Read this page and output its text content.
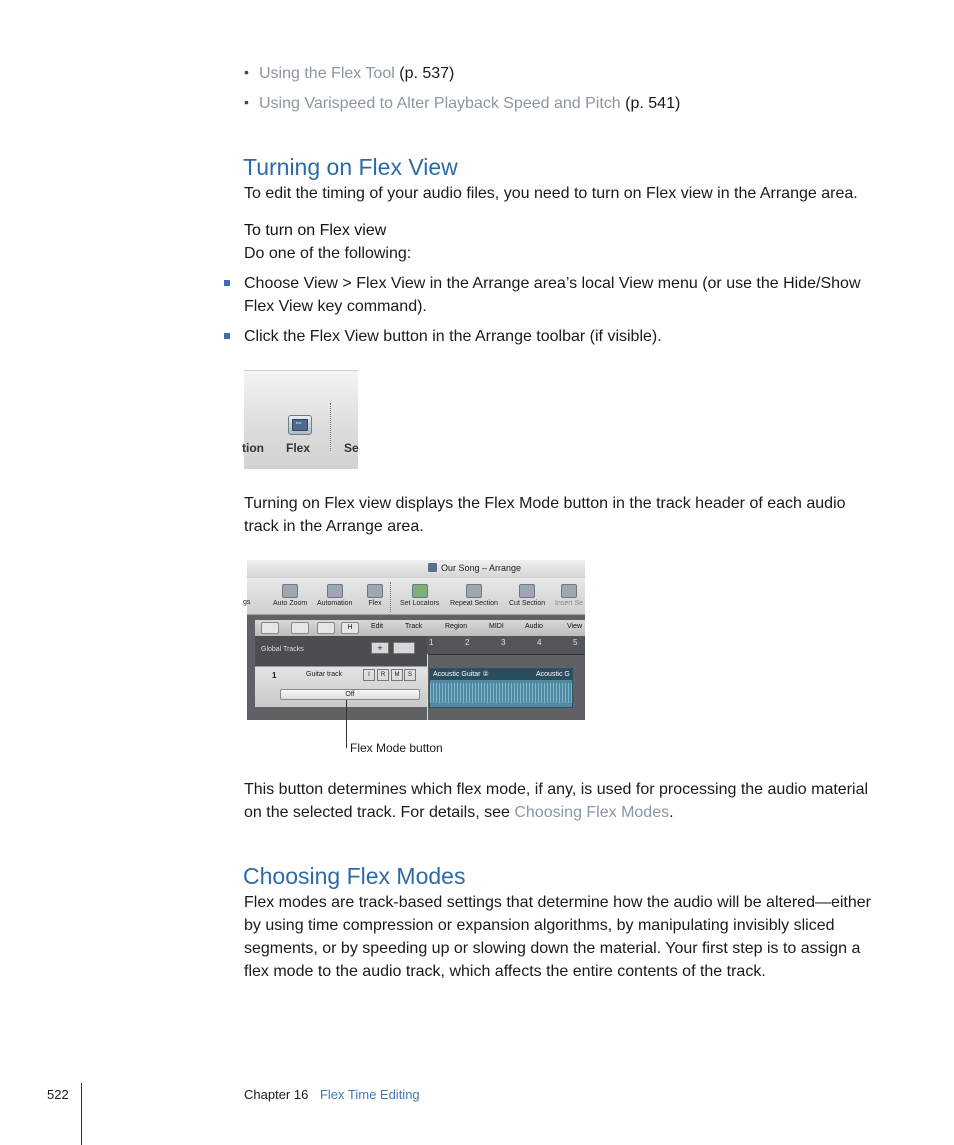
• Using the Flex Tool (p. 537)
• Using Varispeed to Alter Playback Speed and Pitch (p. 541)
Turning on Flex View
To edit the timing of your audio files, you need to turn on Flex view in the Arrange area.
To turn on Flex view
Do one of the following:
Choose View > Flex View in the Arrange area’s local View menu (or use the Hide/Show
Flex View key command).
Click the Flex View button in the Arrange toolbar (if visible).
tion
⇔
Flex	Se
Turning on Flex view displays the Flex Mode button in the track header of each audio
track in the Arrange area.
Our Song – Arrange
gs	Auto Zoom Automation Flex	Set Locators Repeat Section Cut Section Insert Se
H	Edit	Track	Region	MIDI	Audio	View
Global Tracks	+
1	2	3	4	5
1	Guitar track	I	R	M	S
Off
Acoustic Guitar ②	Acoustic G
Flex Mode button
This button determines which flex mode, if any, is used for processing the audio material
on the selected track. For details, see Choosing Flex Modes.
Choosing Flex Modes
Flex modes are track-based settings that determine how the audio will be altered—either
by using time compression or expansion algorithms, by manipulating invisibly sliced
segments, or by speeding up or slowing down the material. Your first step is to assign a
flex mode to the audio track, which affects the entire contents of the track.
522	Chapter 16 Flex Time Editing
